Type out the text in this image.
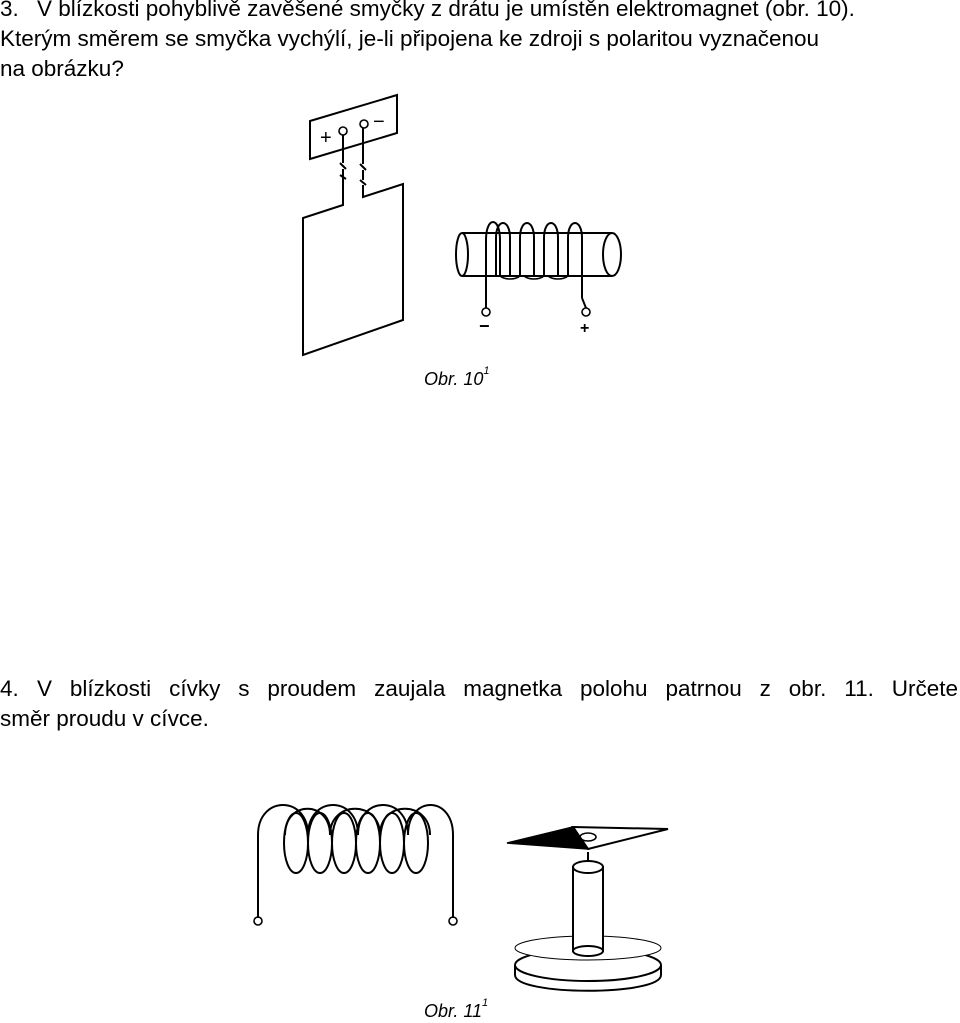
3. V blízkosti pohyblivě zavěšené smyčky z drátu je umístěn elektromagnet (obr. 10).
Kterým směrem se smyčka vychýlí, je-li připojena ke zdroji s polaritou vyznačenou
na obrázku?
+
−
−	+
Obr. $10^1$
4. V blízkosti cívky s proudem zaujala magnetka polohu patrnou z obr. 11. Určete
směr proudu v cívce.
Obr. $11^1$
